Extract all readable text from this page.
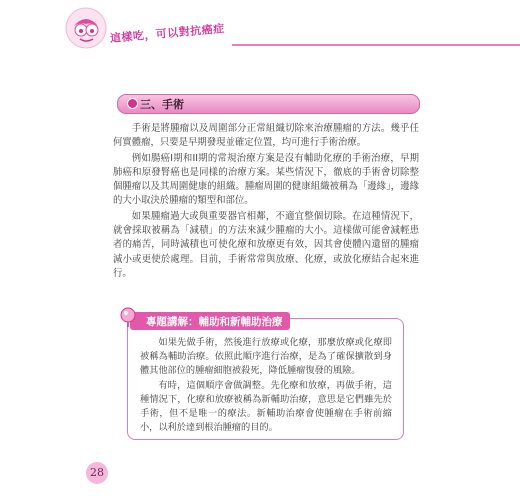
這樣吃，可以對抗癌症
三、手術

手術是將腫瘤以及周圍部分正常組織切除來治療腫瘤的方法。幾乎任何實體瘤，只要是早期發現並確定位置，均可進行手術治療。

例如腸癌I期和II期的常規治療方案是沒有輔助化療的手術治療，早期肺癌和原發腎癌也是同樣的治療方案。某些情況下，徹底的手術會切除整個腫瘤以及其周圍健康的組織。腫瘤周圍的健康組織被稱為「邊緣」，邊緣的大小取決於腫瘤的類型和部位。

如果腫瘤過大或與重要器官相鄰，不適宜整個切除。在這種情況下，就會採取被稱為「減積」的方法來減少腫瘤的大小。這樣做可能會減輕患者的痛苦，同時減積也可使化療和放療更有效，因其會使體內遺留的腫瘤減小或更使於處理。目前，手術常常與放療、化療，或放化療結合起來進行。

專題講解：輔助和新輔助治療

如果先做手術，然後進行放療或化療，那麼放療或化療即被稱為輔助治療。依照此順序進行治療，是為了確保擴散到身體其他部位的腫瘤細胞被殺死，降低腫瘤復發的風險。

有時，這個順序會做調整。先化療和放療，再做手術，這種情況下，化療和放療被稱為新輔助治療，意思是它們雖先於手術，但不是唯一的療法。新輔助治療會使腫瘤在手術前縮小，以利於達到根治腫瘤的目的。

28
